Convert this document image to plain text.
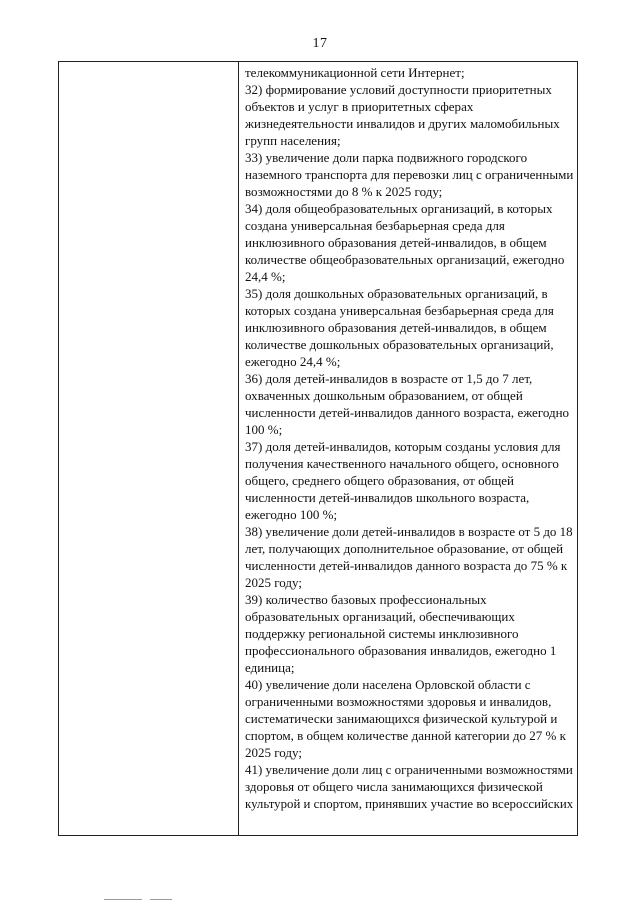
17
телекоммуникационной сети Интернет;
32) формирование условий доступности приоритетных
объектов и услуг в приоритетных сферах
жизнедеятельности инвалидов и других маломобильных
групп населения;
33) увеличение доли парка подвижного городского
наземного транспорта для перевозки лиц с ограниченными
возможностями до 8 % к 2025 году;
34) доля общеобразовательных организаций, в которых
создана универсальная безбарьерная среда для
инклюзивного образования детей-инвалидов, в общем
количестве общеобразовательных организаций, ежегодно
24,4 %;
35) доля дошкольных образовательных организаций, в
которых создана универсальная безбарьерная среда для
инклюзивного образования детей-инвалидов, в общем
количестве дошкольных образовательных организаций,
ежегодно 24,4 %;
36) доля детей-инвалидов в возрасте от 1,5 до 7 лет,
охваченных дошкольным образованием, от общей
численности детей-инвалидов данного возраста, ежегодно
100 %;
37) доля детей-инвалидов, которым созданы условия для
получения качественного начального общего, основного
общего, среднего общего образования, от общей
численности детей-инвалидов школьного возраста,
ежегодно 100 %;
38) увеличение доли детей-инвалидов в возрасте от 5 до 18
лет, получающих дополнительное образование, от общей
численности детей-инвалидов данного возраста до 75 % к
2025 году;
39) количество базовых профессиональных
образовательных организаций, обеспечивающих
поддержку региональной системы инклюзивного
профессионального образования инвалидов, ежегодно 1
единица;
40) увеличение доли населена Орловской области с
ограниченными возможностями здоровья и инвалидов,
систематически занимающихся физической культурой и
спортом, в общем количестве данной категории до 27 % к
2025 году;
41) увеличение доли лиц с ограниченными возможностями
здоровья от общего числа занимающихся физической
культурой и спортом, принявших участие во всероссийских
